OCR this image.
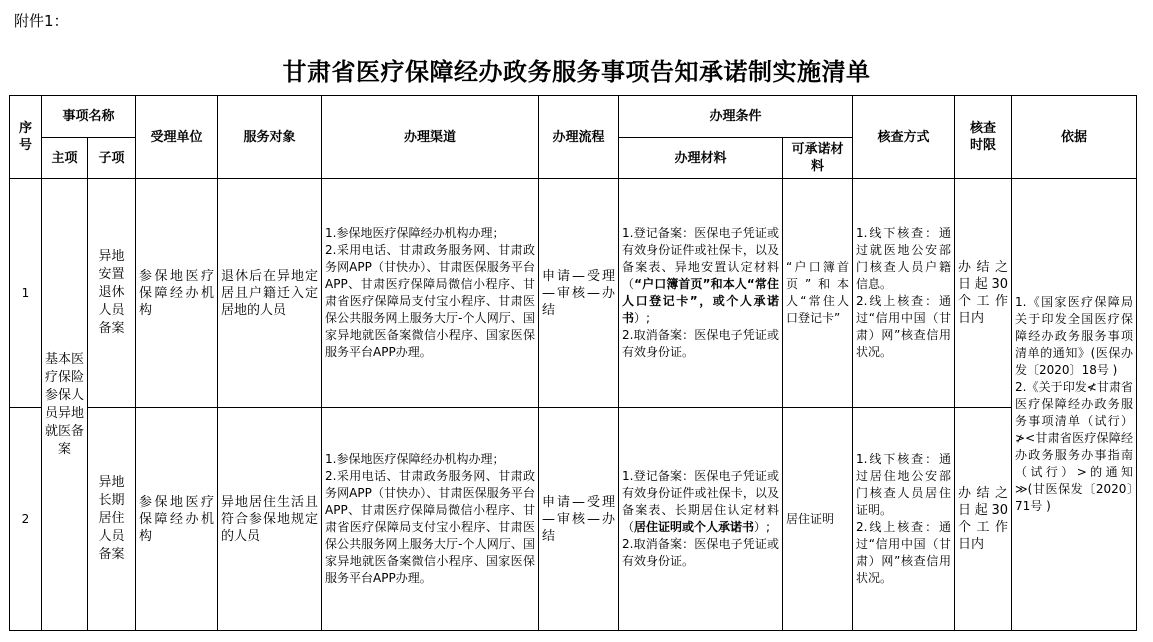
附件1：
甘肃省医疗保障经办政务服务事项告知承诺制实施清单
序号	事项名称		受理单位	服务对象	办理渠道	办理流程	办理条件		核查方式	核查时限	依据
	主项	子项					办理材料	可承诺材料			
1	基本医疗保险参保人员异地就医备案	异地安置退休人员备案	参保地医疗保障经办机构	退休后在异地定居且户籍迁入定居地的人员	1.参保地医疗保障经办机构办理；
2.采用电话、甘肃政务服务网、甘肃政务网APP（甘快办）、甘肃医保服务平台APP、甘肃医疗保障局微信小程序、甘肃省医疗保障局支付宝小程序、甘肃医保公共服务网上服务大厅-个人网厅、国家异地就医备案微信小程序、国家医保服务平台APP办理。	申请—受理—审核—办结	1.登记备案：医保电子凭证或有效身份证件或社保卡，以及备案表、异地安置认定材料（“户口簿首页”和本人“常住人口登记卡”，或个人承诺书）;
2.取消备案：医保电子凭证或有效身份证。	“户口簿首页”和本人“常住人口登记卡”	1.线下核查：通过就医地公安部门核查人员户籍信息。
2.线上核查：通过“信用中国（甘肃）网”核查信用状况。	办结之日起30个工作日内	1.《国家医疗保障局关于印发全国医疗保障经办政务服务事项清单的通知》(医保办发〔2020〕18号 )
2.《关于印发≮甘肃省医疗保障经办政务服务事项清单（试行）≯<甘肃省医疗保障经办政务服务办事指南（试行）>的通知≫(甘医保发〔2020〕71号 )
2		异地长期居住人员备案	参保地医疗保障经办机构	异地居住生活且符合参保地规定的人员	1.参保地医疗保障经办机构办理；
2.采用电话、甘肃政务服务网、甘肃政务网APP（甘快办）、甘肃医保服务平台APP、甘肃医疗保障局微信小程序、甘肃省医疗保障局支付宝小程序、甘肃医保公共服务网上服务大厅-个人网厅、国家异地就医备案微信小程序、国家医保服务平台APP办理。	申请—受理—审核—办结	1.登记备案：医保电子凭证或有效身份证件或社保卡，以及备案表、长期居住认定材料（居住证明或个人承诺书）;
2.取消备案：医保电子凭证或有效身份证。	居住证明	1.线下核查：通过居住地公安部门核查人员居住证明。
2.线上核查：通过“信用中国（甘肃）网”核查信用状况。	办结之日起30个工作日内	
